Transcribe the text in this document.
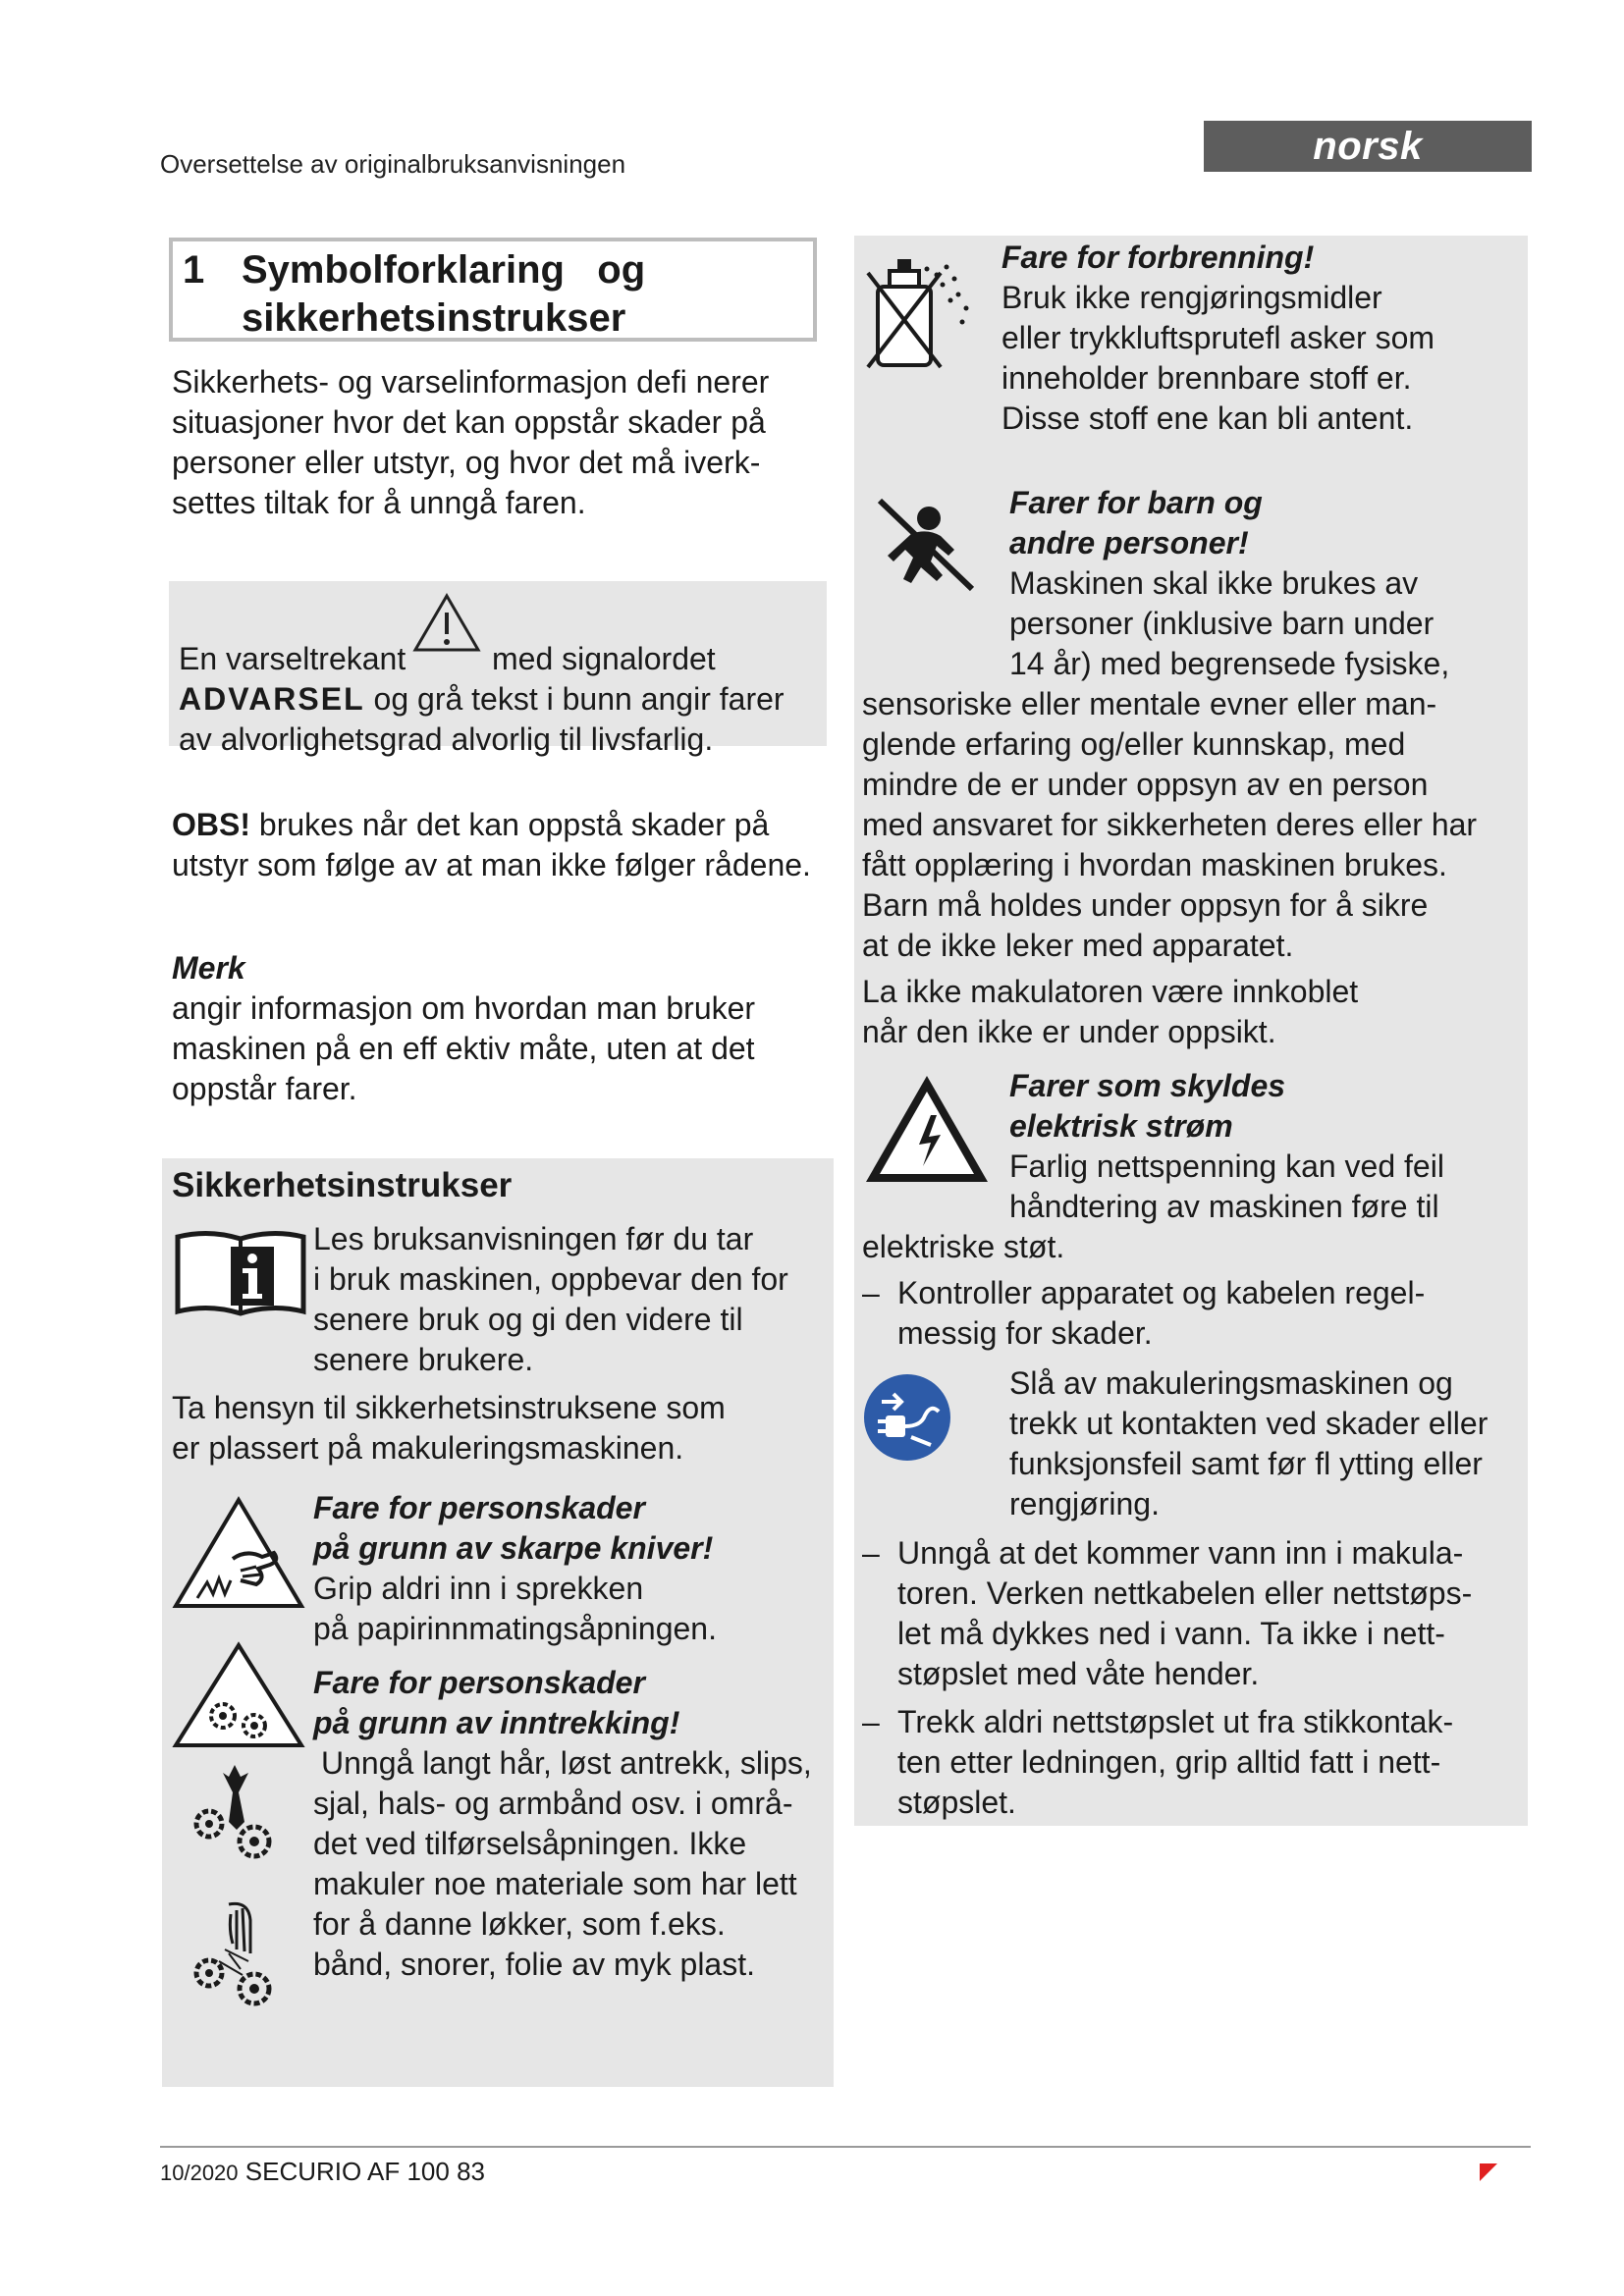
Oversettelse av originalbruksanvisningen	norsk
1 Symbolforklaring   og
sikkerhetsinstrukser
Sikkerhets- og varselinformasjon defi nerer
situasjoner hvor det kan oppstår skader på
personer eller utstyr, og hvor det må iverk-
settes tiltak for å unngå faren.
En varseltrekant	med signalordet
ADVARSEL og grå tekst i bunn angir farer
av alvorlighetsgrad alvorlig til livsfarlig.
OBS! brukes når det kan oppstå skader på
utstyr som følge av at man ikke følger rådene.
Merk
angir informasjon om hvordan man bruker
maskinen på en eff ektiv måte, uten at det
oppstår farer.
Sikkerhetsinstrukser
Les bruksanvisningen før du tar
i bruk maskinen, oppbevar den for
senere bruk og gi den videre til
senere brukere.
Ta hensyn til sikkerhetsinstruksene som
er plassert på makuleringsmaskinen.
Fare for personskader
på grunn av skarpe kniver!
Grip aldri inn i sprekken
på papirinnmatingsåpningen.
Fare for personskader
på grunn av inntrekking!
Unngå langt hår, løst antrekk, slips,
sjal, hals- og armbånd osv. i områ-
det ved tilførselsåpningen. Ikke
makuler noe materiale som har lett
for å danne løkker, som f.eks.
bånd, snorer, folie av myk plast.
Fare for forbrenning!
Bruk ikke rengjøringsmidler
eller trykkluftsprutefl asker som
inneholder brennbare stoff er.
Disse stoff ene kan bli antent.
Farer for barn og
andre personer!
Maskinen skal ikke brukes av
personer (inklusive barn under
14 år) med begrensede fysiske,
sensoriske eller mentale evner eller man-
glende erfaring og/eller kunnskap, med
mindre de er under oppsyn av en person
med ansvaret for sikkerheten deres eller har
fått opplæring i hvordan maskinen brukes.
Barn må holdes under oppsyn for å sikre
at de ikke leker med apparatet.
La ikke makulatoren være innkoblet
når den ikke er under oppsikt.
Farer som skyldes
elektrisk strøm
Farlig nettspenning kan ved feil
håndtering av maskinen føre til
elektriske støt.
– Kontroller apparatet og kabelen regel-
messig for skader.
Slå av makuleringsmaskinen og
trekk ut kontakten ved skader eller
funksjonsfeil samt før fl ytting eller
rengjøring.
– Unngå at det kommer vann inn i makula-
toren. Verken nettkabelen eller nettstøps-
let må dykkes ned i vann. Ta ikke i nett-
støpslet med våte hender.
– Trekk aldri nettstøpslet ut fra stikkontak-
ten etter ledningen, grip alltid fatt i nett-
støpslet.
10/2020 SECURIO AF 100 83
